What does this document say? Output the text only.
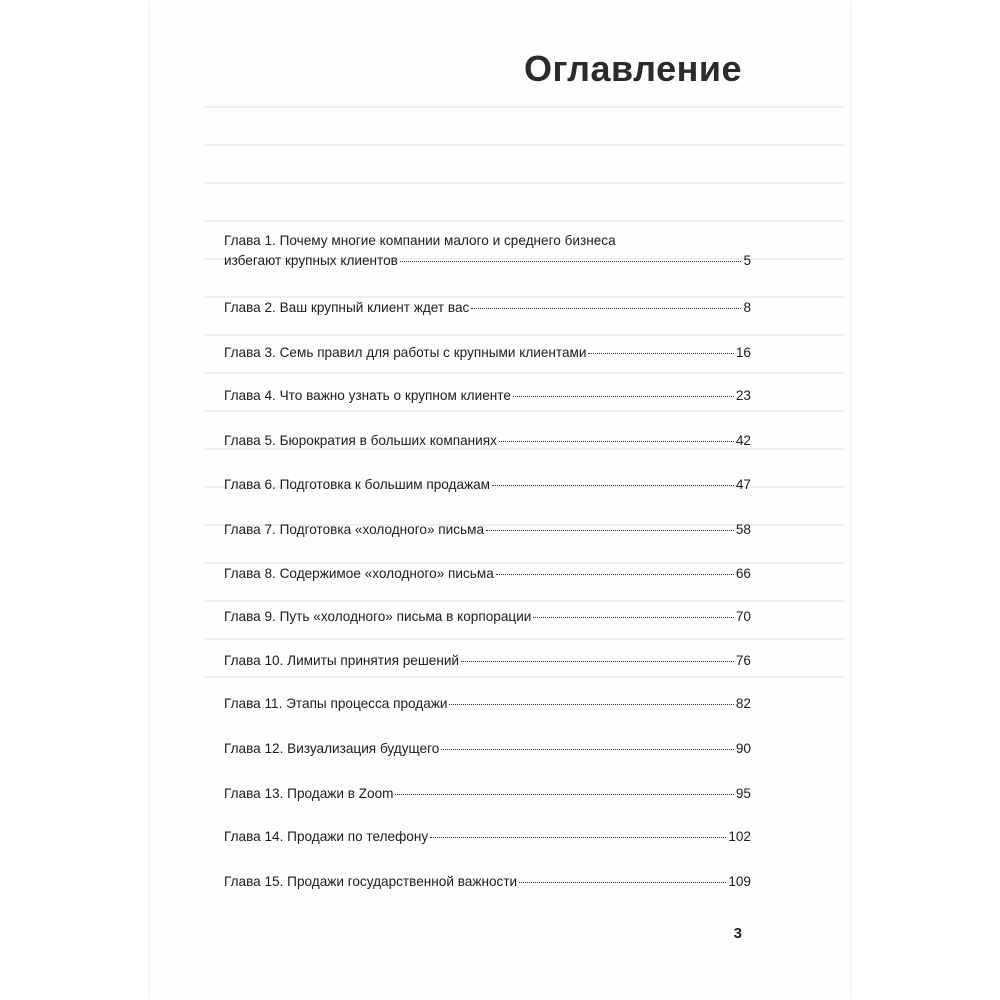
Оглавление
Глава 1. Почему многие компании малого и среднего бизнеса
избегают крупных клиентов	5
Глава 2. Ваш крупный клиент ждет вас	8
Глава 3. Семь правил для работы с крупными клиентами	16
Глава 4. Что важно узнать о крупном клиенте	23
Глава 5. Бюрократия в больших компаниях	42
Глава 6. Подготовка к большим продажам	47
Глава 7. Подготовка «холодного» письма	58
Глава 8. Содержимое «холодного» письма	66
Глава 9. Путь «холодного» письма в корпорации	70
Глава 10. Лимиты принятия решений	76
Глава 11. Этапы процесса продажи	82
Глава 12. Визуализация будущего	90
Глава 13. Продажи в Zoom	95
Глава 14. Продажи по телефону	102
Глава 15. Продажи государственной важности	109
3
